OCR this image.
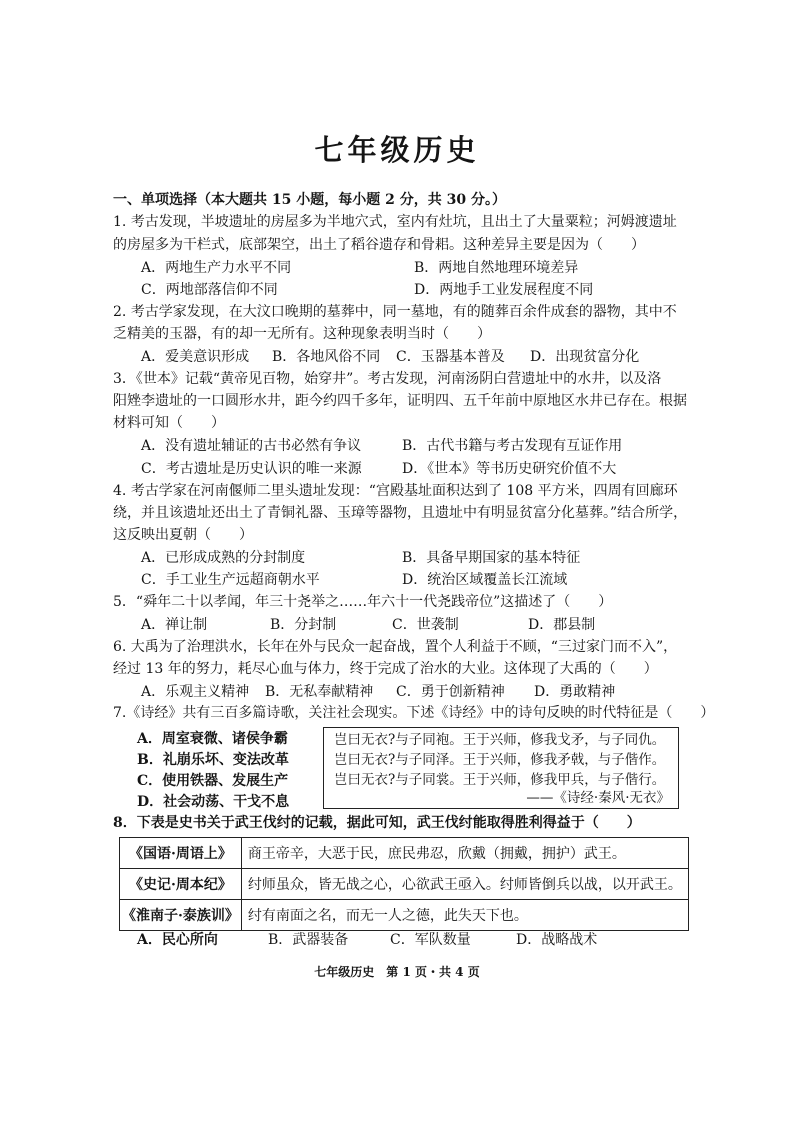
七年级历史
一、单项选择（本大题共 15 小题，每小题 2 分，共 30 分。）
1. 考古发现，半坡遗址的房屋多为半地穴式，室内有灶坑，且出土了大量粟粒；河姆渡遗址
的房屋多为干栏式，底部架空，出土了稻谷遗存和骨耜。这种差异主要是因为（　　）
A．两地生产力水平不同	B．两地自然地理环境差异
C．两地部落信仰不同	D．两地手工业发展程度不同
2. 考古学家发现，在大汶口晚期的墓葬中，同一墓地，有的随葬百余件成套的器物，其中不
乏精美的玉器，有的却一无所有。这种现象表明当时（　　）
A．爱美意识形成 B．各地风俗不同 C．玉器基本普及 D．出现贫富分化
3．《世本》记载“黄帝见百物，始穿井”。考古发现，河南汤阴白营遗址中的水井，以及洛
阳矬李遗址的一口圆形水井，距今约四千多年，证明四、五千年前中原地区水井已存在。根据
材料可知（　　）
A．没有遗址辅证的古书必然有争议	B．古代书籍与考古发现有互证作用
C．考古遗址是历史认识的唯一来源	D．《世本》等书历史研究价值不大
4. 考古学家在河南偃师二里头遗址发现：“宫殿基址面积达到了 108 平方米，四周有回廊环
绕，并且该遗址还出土了青铜礼器、玉璋等器物，且遗址中有明显贫富分化墓葬。”结合所学，
这反映出夏朝（　　）
A．已形成成熟的分封制度	B．具备早期国家的基本特征
C．手工业生产远超商朝水平	D．统治区域覆盖长江流域
5．“舜年二十以孝闻，年三十尧举之……年六十一代尧践帝位”这描述了（　　）
A．禅让制	B．分封制	C．世袭制	D．郡县制
6. 大禹为了治理洪水，长年在外与民众一起奋战，置个人利益于不顾，“三过家门而不入”，
经过 13 年的努力，耗尽心血与体力，终于完成了治水的大业。这体现了大禹的（　　）
A．乐观主义精神 B．无私奉献精神 C．勇于创新精神 D．勇敢精神
7.《诗经》共有三百多篇诗歌，关注社会现实。下述《诗经》中的诗句反映的时代特征是（　　）
A．周室衰微、诸侯争霸
B．礼崩乐坏、变法改革
C．使用铁器、发展生产
D．社会动荡、干戈不息
岂曰无衣?与子同袍。王于兴师，修我戈矛，与子同仇。
岂曰无衣?与子同泽。王于兴师，修我矛戟，与子偕作。
岂曰无衣?与子同裳。王于兴师，修我甲兵，与子偕行。
——《诗经·秦风·无衣》
8．下表是史书关于武王伐纣的记载，据此可知，武王伐纣能取得胜利得益于（　　）
《国语·周语上》	商王帝辛，大恶于民，庶民弗忍，欣戴（拥戴，拥护）武王。
《史记·周本纪》	纣师虽众，皆无战之心，心欲武王亟入。纣师皆倒兵以战，以开武王。
《淮南子·泰族训》	纣有南面之名，而无一人之德，此失天下也。
A．民心所向	B．武器装备	C．军队数量	D．战略战术
七年级历史　第 1 页・共 4 页
